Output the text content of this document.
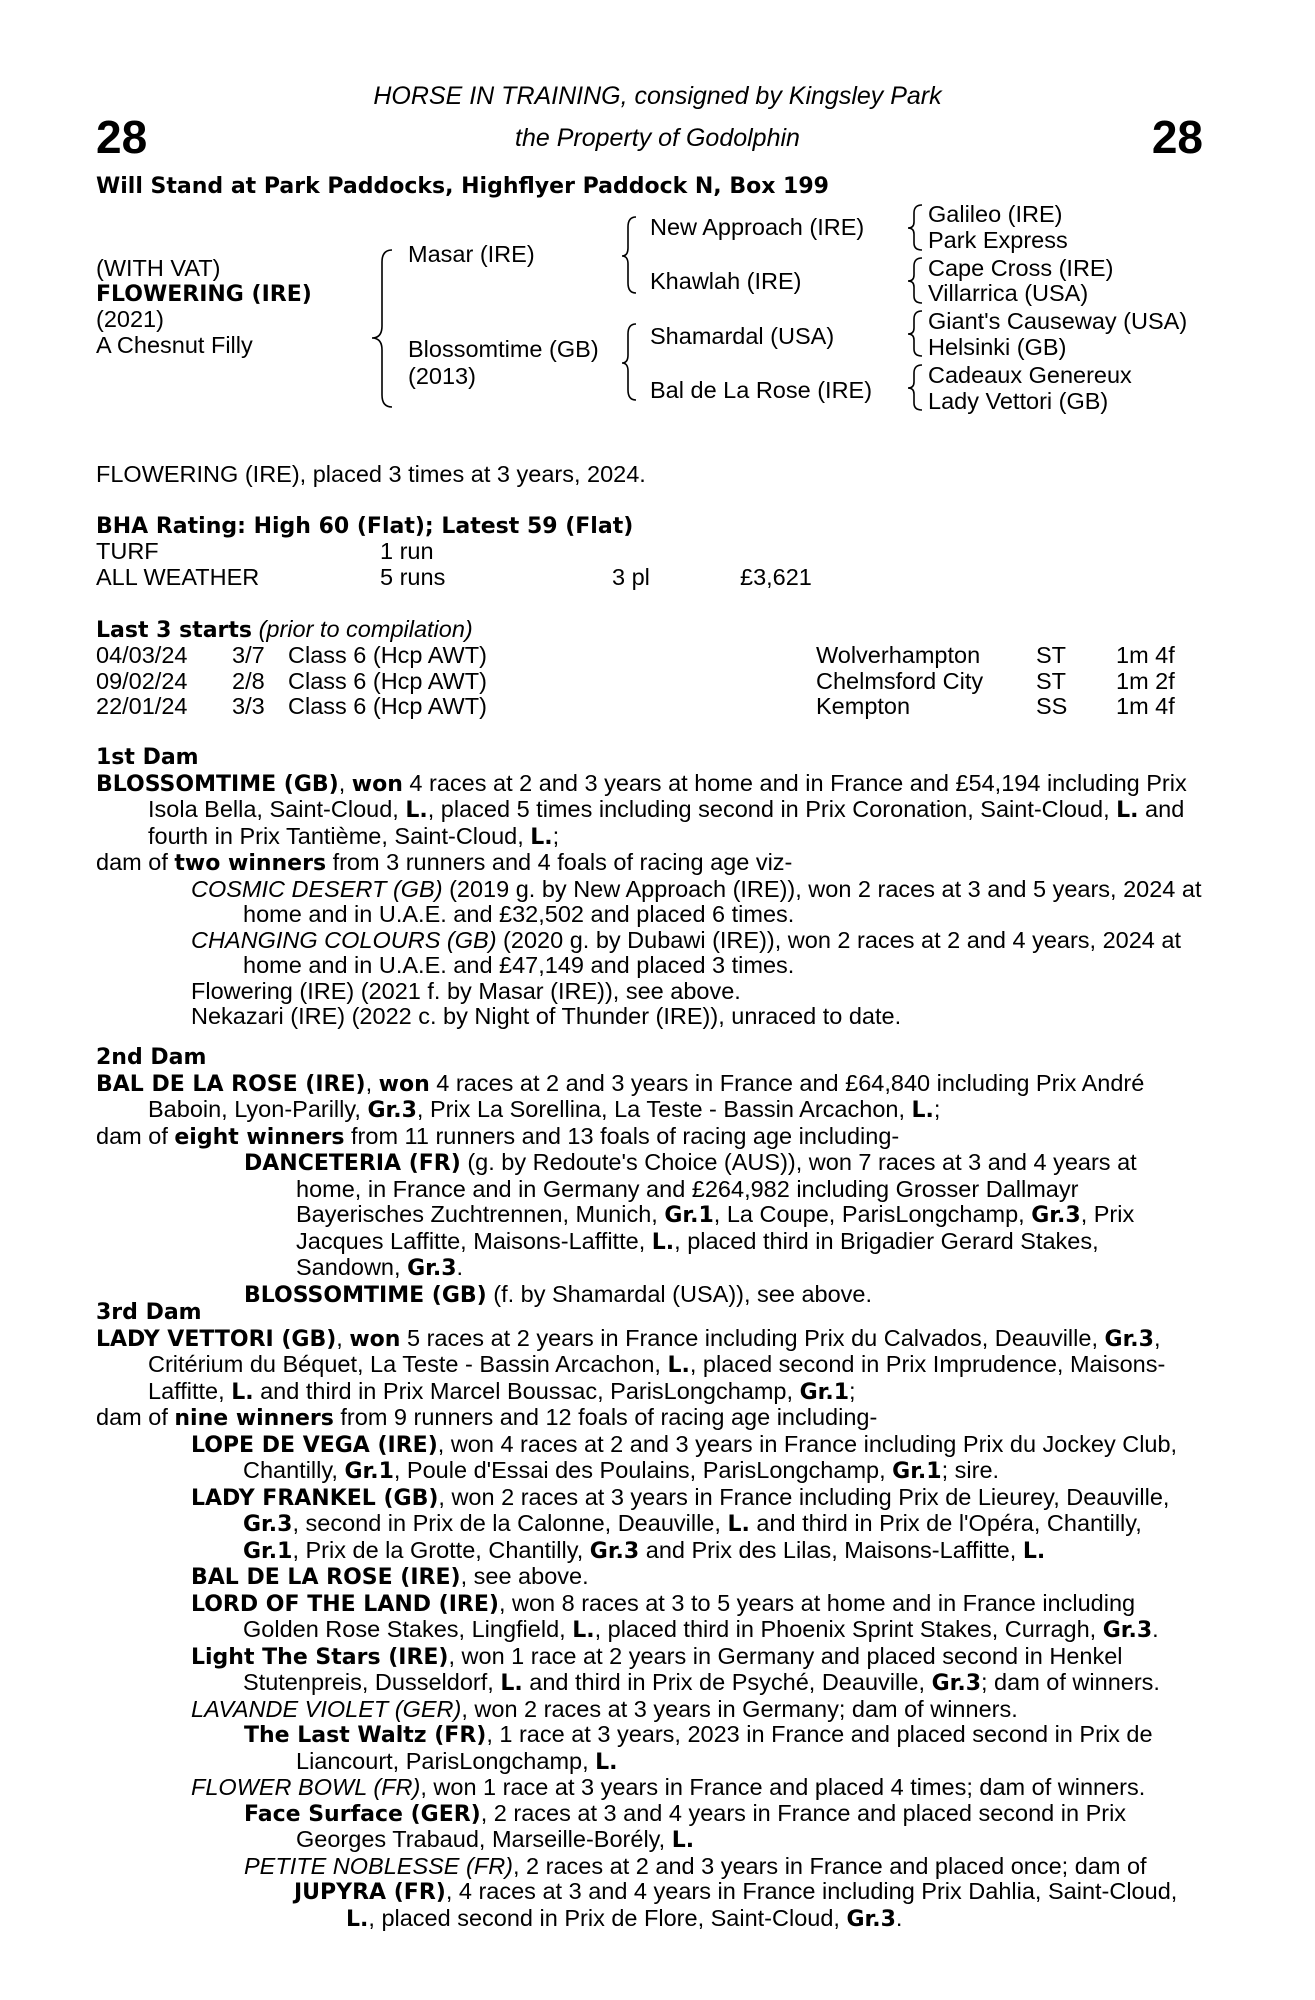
28	28
HORSE IN TRAINING, consigned by Kingsley Park
the Property of Godolphin
Will Stand at Park Paddocks, Highflyer Paddock N, Box 199
(WITH VAT)
FLOWERING (IRE)
(2021)
A Chesnut Filly
Masar (IRE)
Blossomtime (GB)
(2013)
New Approach (IRE)
Khawlah (IRE)
Shamardal (USA)
Bal de La Rose (IRE)
Galileo (IRE)
Park Express
Cape Cross (IRE)
Villarrica (USA)
Giant's Causeway (USA)
Helsinki (GB)
Cadeaux Genereux
Lady Vettori (GB)
FLOWERING (IRE), placed 3 times at 3 years, 2024.
BHA Rating: High 60 (Flat); Latest 59 (Flat)
TURF	1 run
ALL WEATHER	5 runs	3 pl	£3,621
Last 3 starts (prior to compilation)
04/03/24 3/7 Class 6 (Hcp AWT)	Wolverhampton ST 1m 4f
09/02/24 2/8 Class 6 (Hcp AWT)	Chelmsford City ST 1m 2f
22/01/24 3/3 Class 6 (Hcp AWT)	Kempton	SS 1m 4f
1st Dam

BLOSSOMTIME (GB), won 4 races at 2 and 3 years at home and in France and £54,194 including Prix Isola Bella, Saint-Cloud, L., placed 5 times including second in Prix Coronation, Saint-Cloud, L. and fourth in Prix Tantième, Saint-Cloud, L.;

dam of two winners from 3 runners and 4 foals of racing age viz-

COSMIC DESERT (GB) (2019 g. by New Approach (IRE)), won 2 races at 3 and 5 years, 2024 at home and in U.A.E. and £32,502 and placed 6 times.

CHANGING COLOURS (GB) (2020 g. by Dubawi (IRE)), won 2 races at 2 and 4 years, 2024 at home and in U.A.E. and £47,149 and placed 3 times.

Flowering (IRE) (2021 f. by Masar (IRE)), see above.

Nekazari (IRE) (2022 c. by Night of Thunder (IRE)), unraced to date.

2nd Dam

BAL DE LA ROSE (IRE), won 4 races at 2 and 3 years in France and £64,840 including Prix André Baboin, Lyon-Parilly, Gr.3, Prix La Sorellina, La Teste - Bassin Arcachon, L.;

dam of eight winners from 11 runners and 13 foals of racing age including-

DANCETERIA (FR) (g. by Redoute's Choice (AUS)), won 7 races at 3 and 4 years at home, in France and in Germany and £264,982 including Grosser Dallmayr Bayerisches Zuchtrennen, Munich, Gr.1, La Coupe, ParisLongchamp, Gr.3, Prix Jacques Laffitte, Maisons-Laffitte, L., placed third in Brigadier Gerard Stakes, Sandown, Gr.3.

BLOSSOMTIME (GB) (f. by Shamardal (USA)), see above.

3rd Dam

LADY VETTORI (GB), won 5 races at 2 years in France including Prix du Calvados, Deauville, Gr.3, Critérium du Béquet, La Teste - Bassin Arcachon, L., placed second in Prix Imprudence, Maisons-Laffitte, L. and third in Prix Marcel Boussac, ParisLongchamp, Gr.1;

dam of nine winners from 9 runners and 12 foals of racing age including-

LOPE DE VEGA (IRE), won 4 races at 2 and 3 years in France including Prix du Jockey Club, Chantilly, Gr.1, Poule d'Essai des Poulains, ParisLongchamp, Gr.1; sire.

LADY FRANKEL (GB), won 2 races at 3 years in France including Prix de Lieurey, Deauville, Gr.3, second in Prix de la Calonne, Deauville, L. and third in Prix de l'Opéra, Chantilly, Gr.1, Prix de la Grotte, Chantilly, Gr.3 and Prix des Lilas, Maisons-Laffitte, L.

BAL DE LA ROSE (IRE), see above.

LORD OF THE LAND (IRE), won 8 races at 3 to 5 years at home and in France including Golden Rose Stakes, Lingfield, L., placed third in Phoenix Sprint Stakes, Curragh, Gr.3.

Light The Stars (IRE), won 1 race at 2 years in Germany and placed second in Henkel Stutenpreis, Dusseldorf, L. and third in Prix de Psyché, Deauville, Gr.3; dam of winners.

LAVANDE VIOLET (GER), won 2 races at 3 years in Germany; dam of winners.

The Last Waltz (FR), 1 race at 3 years, 2023 in France and placed second in Prix de Liancourt, ParisLongchamp, L.

FLOWER BOWL (FR), won 1 race at 3 years in France and placed 4 times; dam of winners.

Face Surface (GER), 2 races at 3 and 4 years in France and placed second in Prix Georges Trabaud, Marseille-Borély, L.

PETITE NOBLESSE (FR), 2 races at 2 and 3 years in France and placed once; dam of

JUPYRA (FR), 4 races at 3 and 4 years in France including Prix Dahlia, Saint-Cloud, L., placed second in Prix de Flore, Saint-Cloud, Gr.3.
